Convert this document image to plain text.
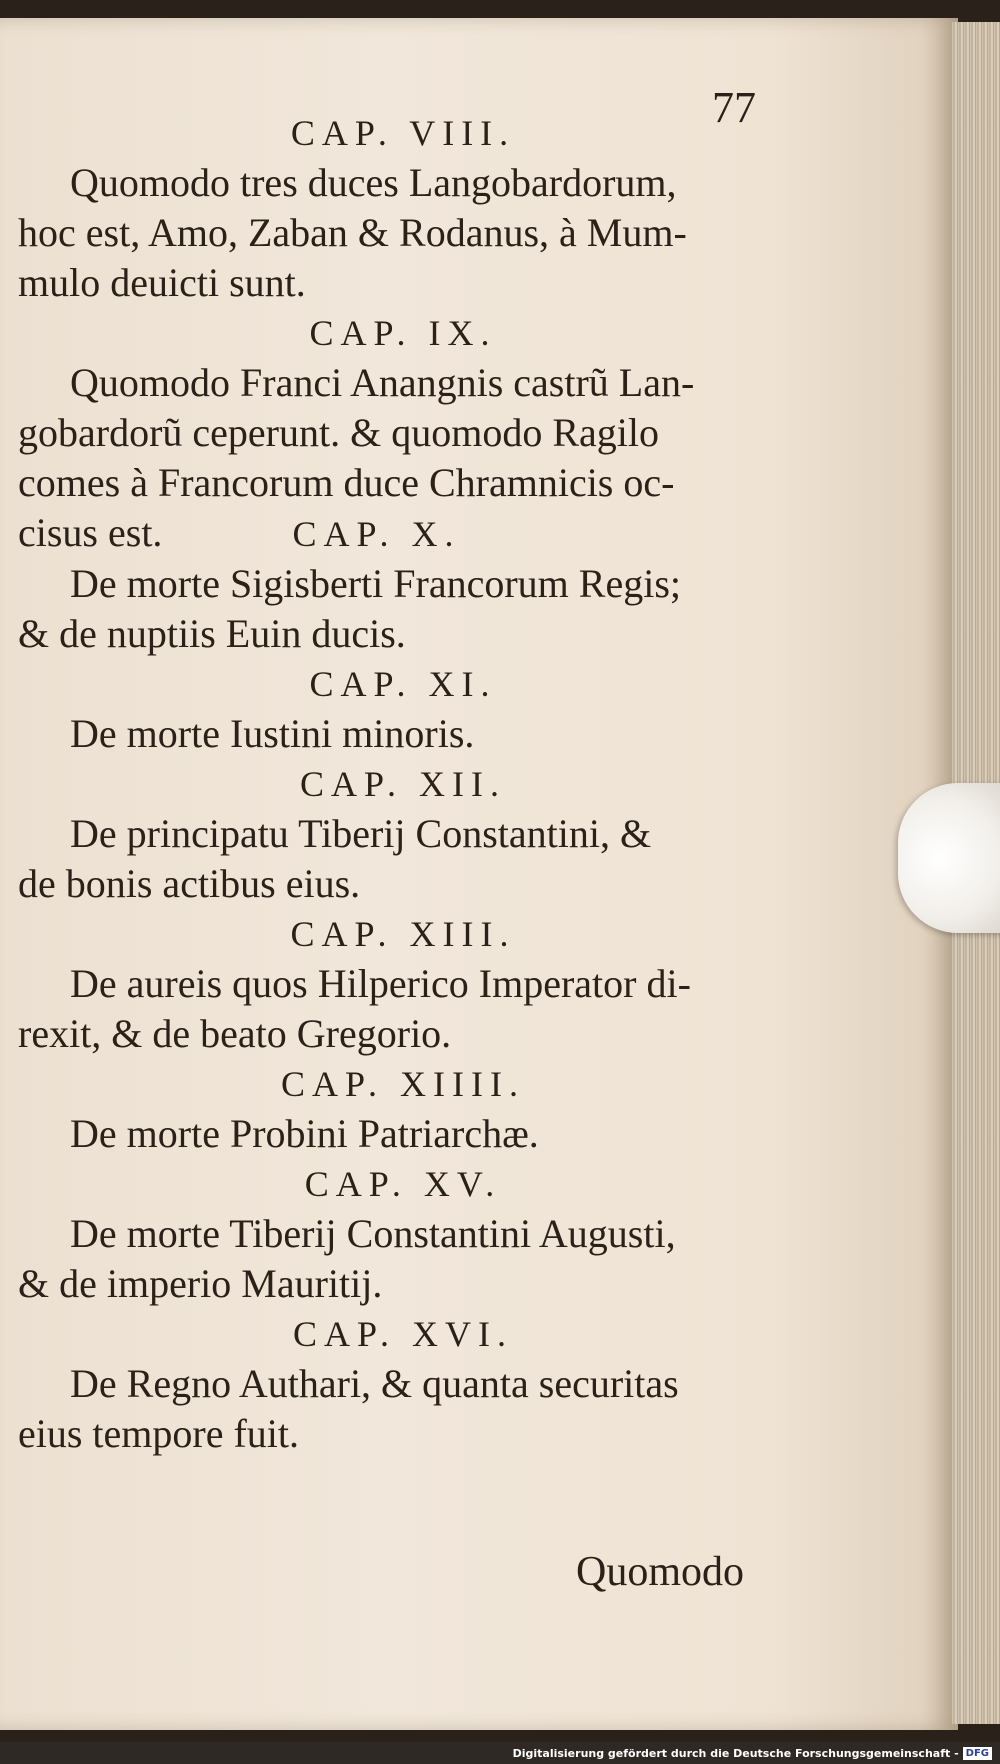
77

CAP. VIII.

Quomodo tres duces Langobardorum,

hoc est, Amo, Zaban & Rodanus, à Mum-

mulo deuicti sunt.

CAP. IX.

Quomodo Franci Anangnis castrũ Lan-

gobardorũ ceperunt. & quomodo Ragilo

comes à Francorum duce Chramnicis oc-

cisus est.	CAP. X.

De morte Sigisberti Francorum Regis;

& de nuptiis Euin ducis.

CAP. XI.

De morte Iustini minoris.

CAP. XII.

De principatu Tiberij Constantini, &

de bonis actibus eius.

CAP. XIII.

De aureis quos Hilperico Imperator di-

rexit, & de beato Gregorio.

CAP. XIIII.

De morte Probini Patriarchæ.

CAP. XV.

De morte Tiberij Constantini Augusti,

& de imperio Mauritij.

CAP. XVI.

De Regno Authari, & quanta securitas

eius tempore fuit.

Quomodo
Digitalisierung gefördert durch die Deutsche Forschungsgemeinschaft - DFG
